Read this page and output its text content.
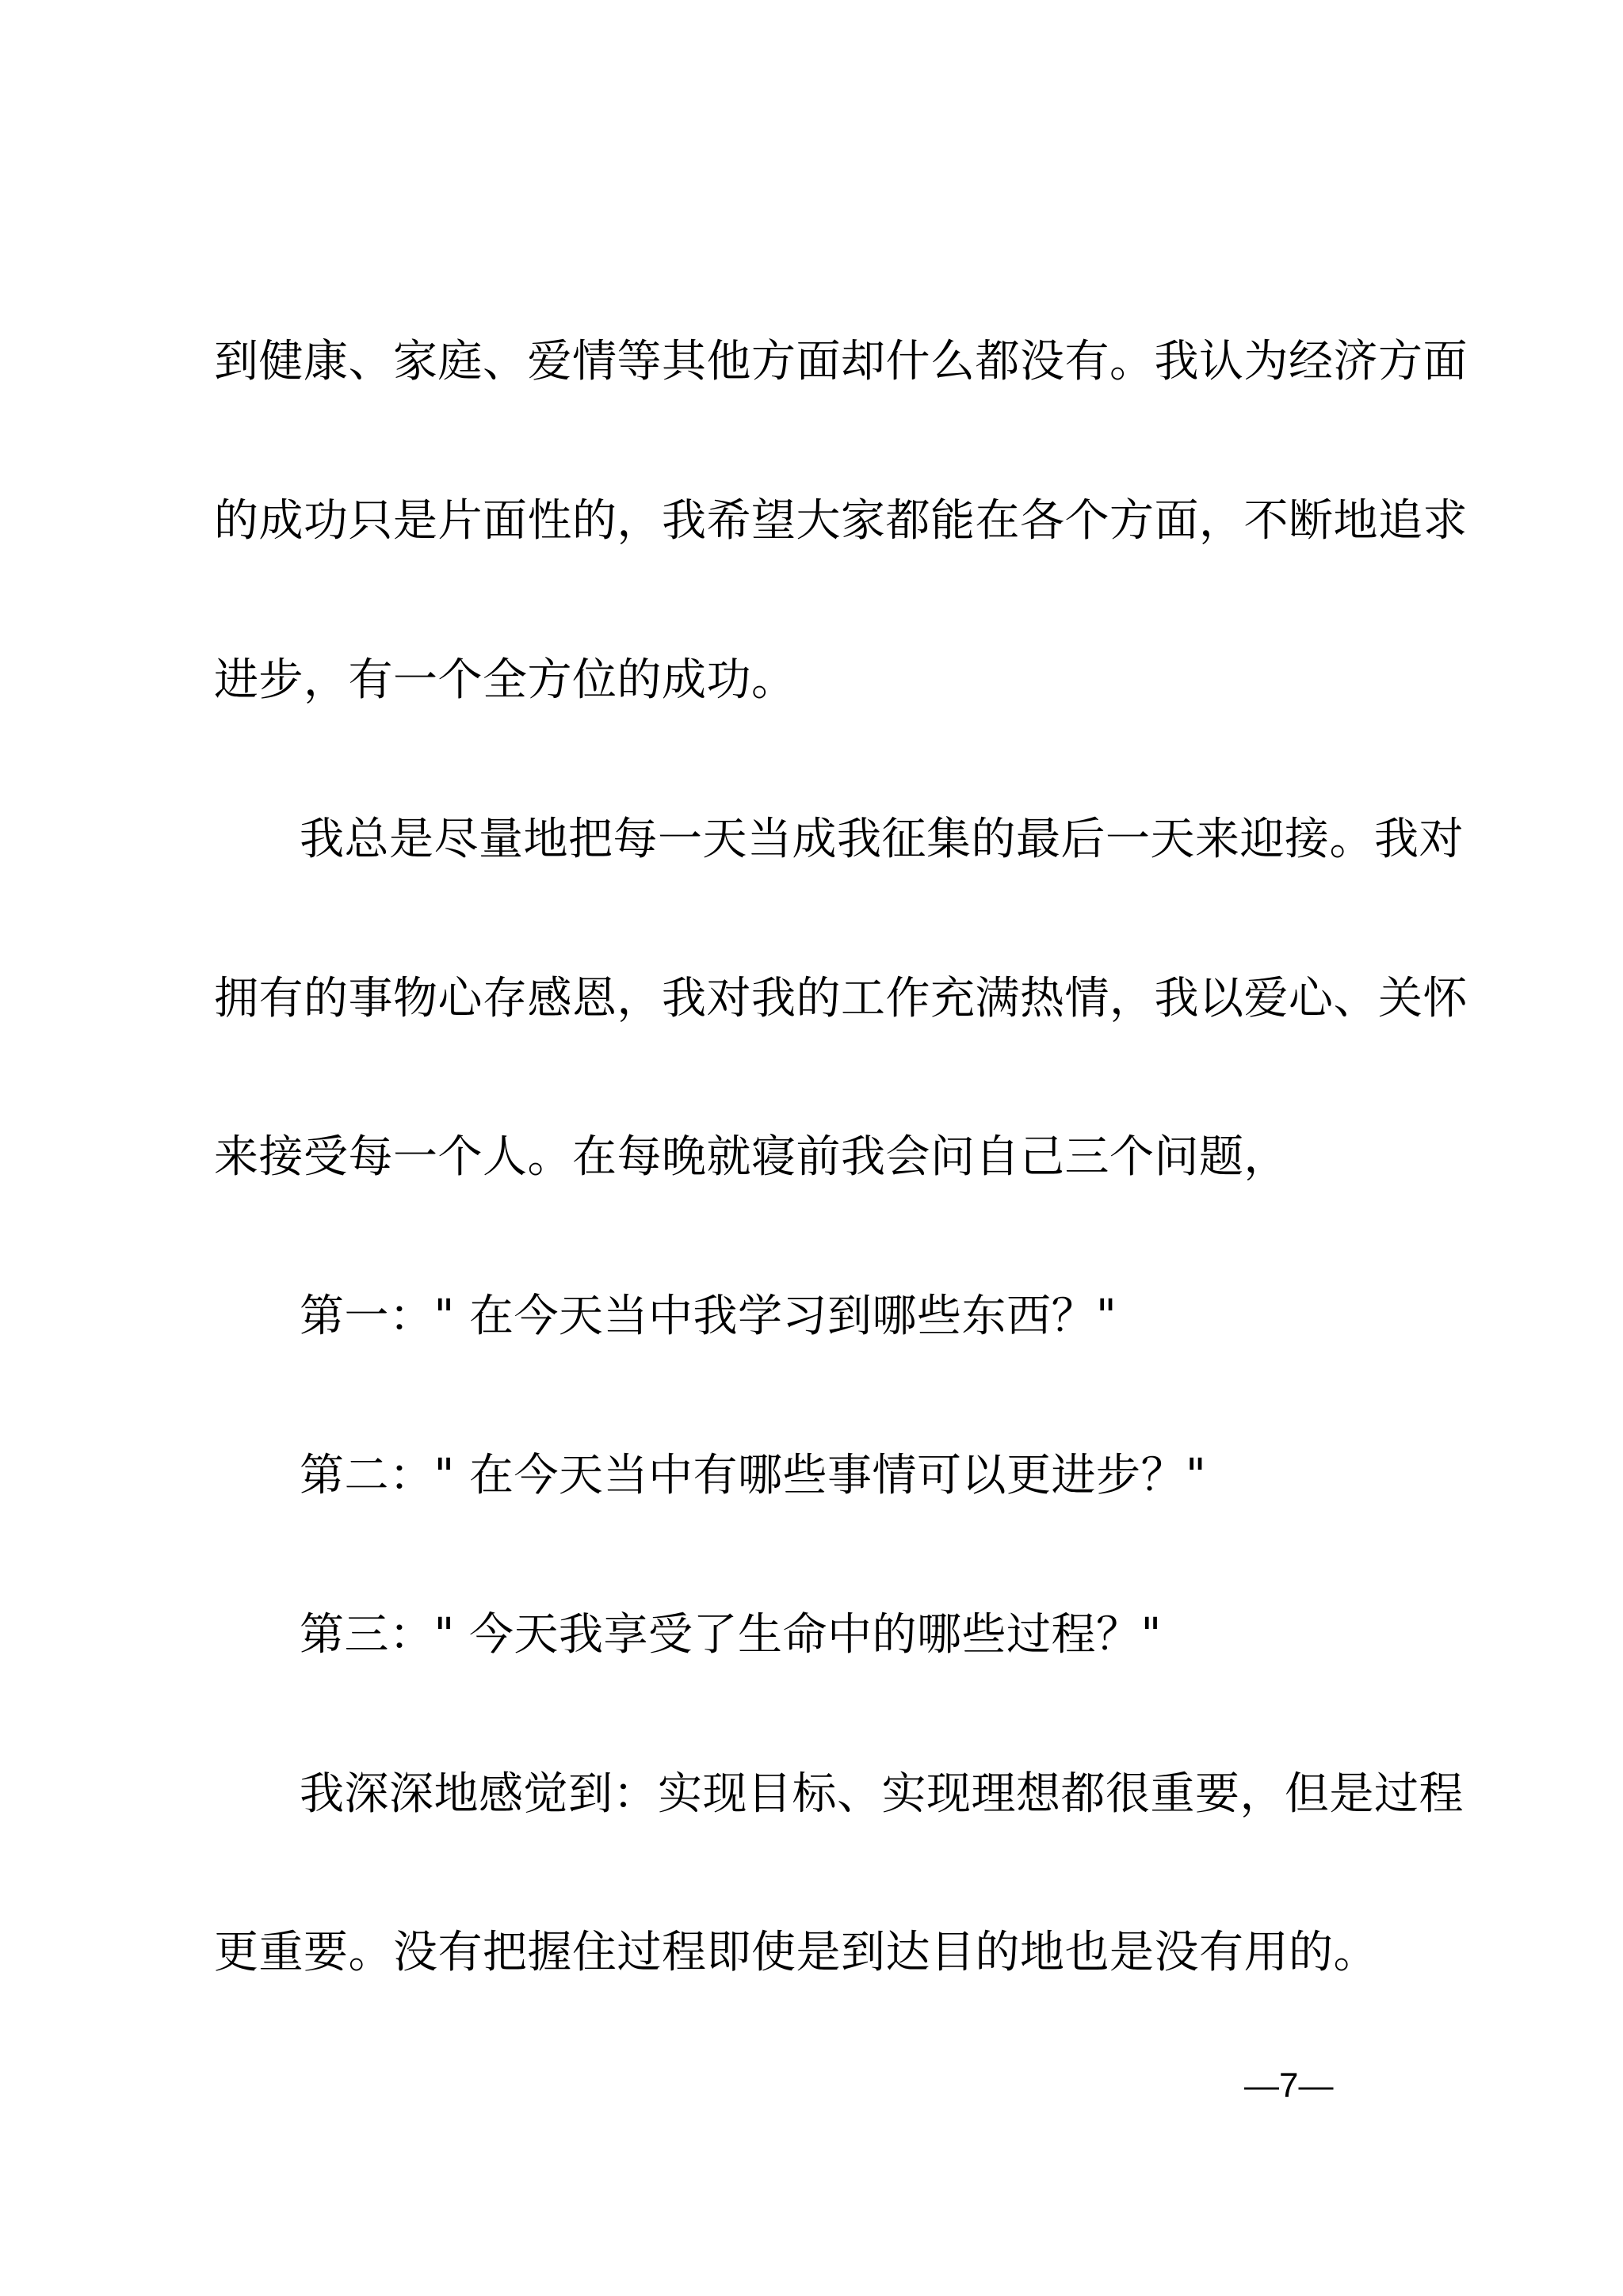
到健康、家庭、爱情等其他方面却什么都没有。我认为经济方面

的成功只是片面性的，我希望大家都能在各个方面，不断地追求

进步，有一个全方位的成功。

我总是尽量地把每一天当成我征集的最后一天来迎接。我对

拥有的事物心存感恩，我对我的工作充满热情，我以爱心、关怀

来接受每一个人。在每晚就寝前我会问自己三个问题，

第一：" 在今天当中我学习到哪些东西？"

第二：" 在今天当中有哪些事情可以更进步？"

第三：" 今天我享受了生命中的哪些过程？"

我深深地感觉到：实现目标、实现理想都很重要，但是过程

更重要。没有把握住过程即使是到达目的地也是没有用的。

—7—
